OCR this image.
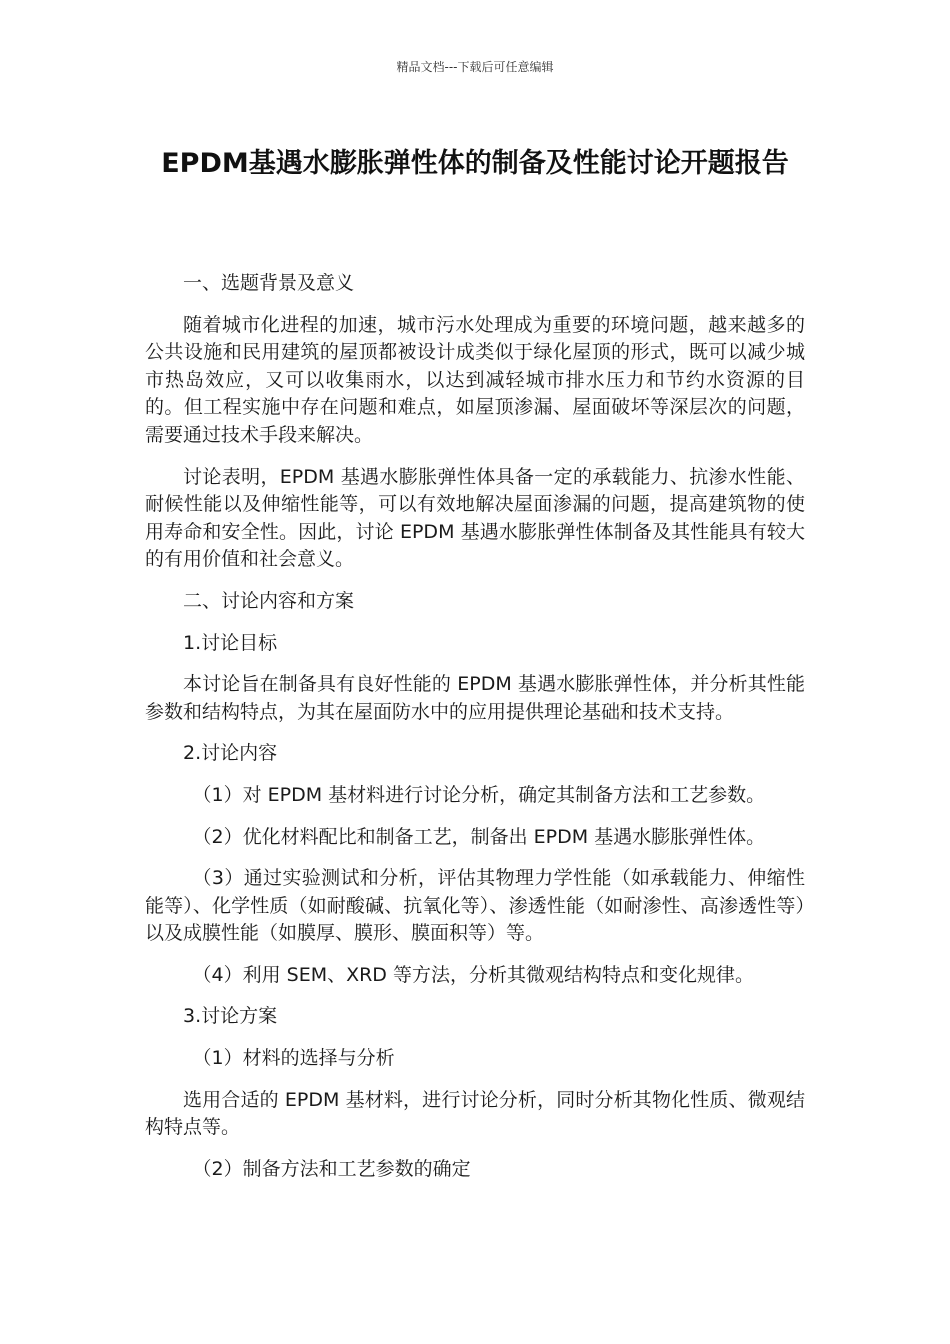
精品文档---下载后可任意编辑
EPDM基遇水膨胀弹性体的制备及性能讨论开题报告

一、选题背景及意义

随着城市化进程的加速，城市污水处理成为重要的环境问题，越来越多的公共设施和民用建筑的屋顶都被设计成类似于绿化屋顶的形式，既可以减少城市热岛效应，又可以收集雨水，以达到减轻城市排水压力和节约水资源的目的。但工程实施中存在问题和难点，如屋顶渗漏、屋面破坏等深层次的问题，需要通过技术手段来解决。

讨论表明，EPDM 基遇水膨胀弹性体具备一定的承载能力、抗渗水性能、耐候性能以及伸缩性能等，可以有效地解决屋面渗漏的问题，提高建筑物的使用寿命和安全性。因此，讨论 EPDM 基遇水膨胀弹性体制备及其性能具有较大的有用价值和社会意义。

二、讨论内容和方案

1.讨论目标

本讨论旨在制备具有良好性能的 EPDM 基遇水膨胀弹性体，并分析其性能参数和结构特点，为其在屋面防水中的应用提供理论基础和技术支持。

2.讨论内容

（1）对 EPDM 基材料进行讨论分析，确定其制备方法和工艺参数。

（2）优化材料配比和制备工艺，制备出 EPDM 基遇水膨胀弹性体。

（3）通过实验测试和分析，评估其物理力学性能（如承载能力、伸缩性能等）、化学性质（如耐酸碱、抗氧化等）、渗透性能（如耐渗性、高渗透性等）以及成膜性能（如膜厚、膜形、膜面积等）等。

（4）利用 SEM、XRD 等方法，分析其微观结构特点和变化规律。

3.讨论方案

（1）材料的选择与分析

选用合适的 EPDM 基材料，进行讨论分析，同时分析其物化性质、微观结构特点等。

（2）制备方法和工艺参数的确定
